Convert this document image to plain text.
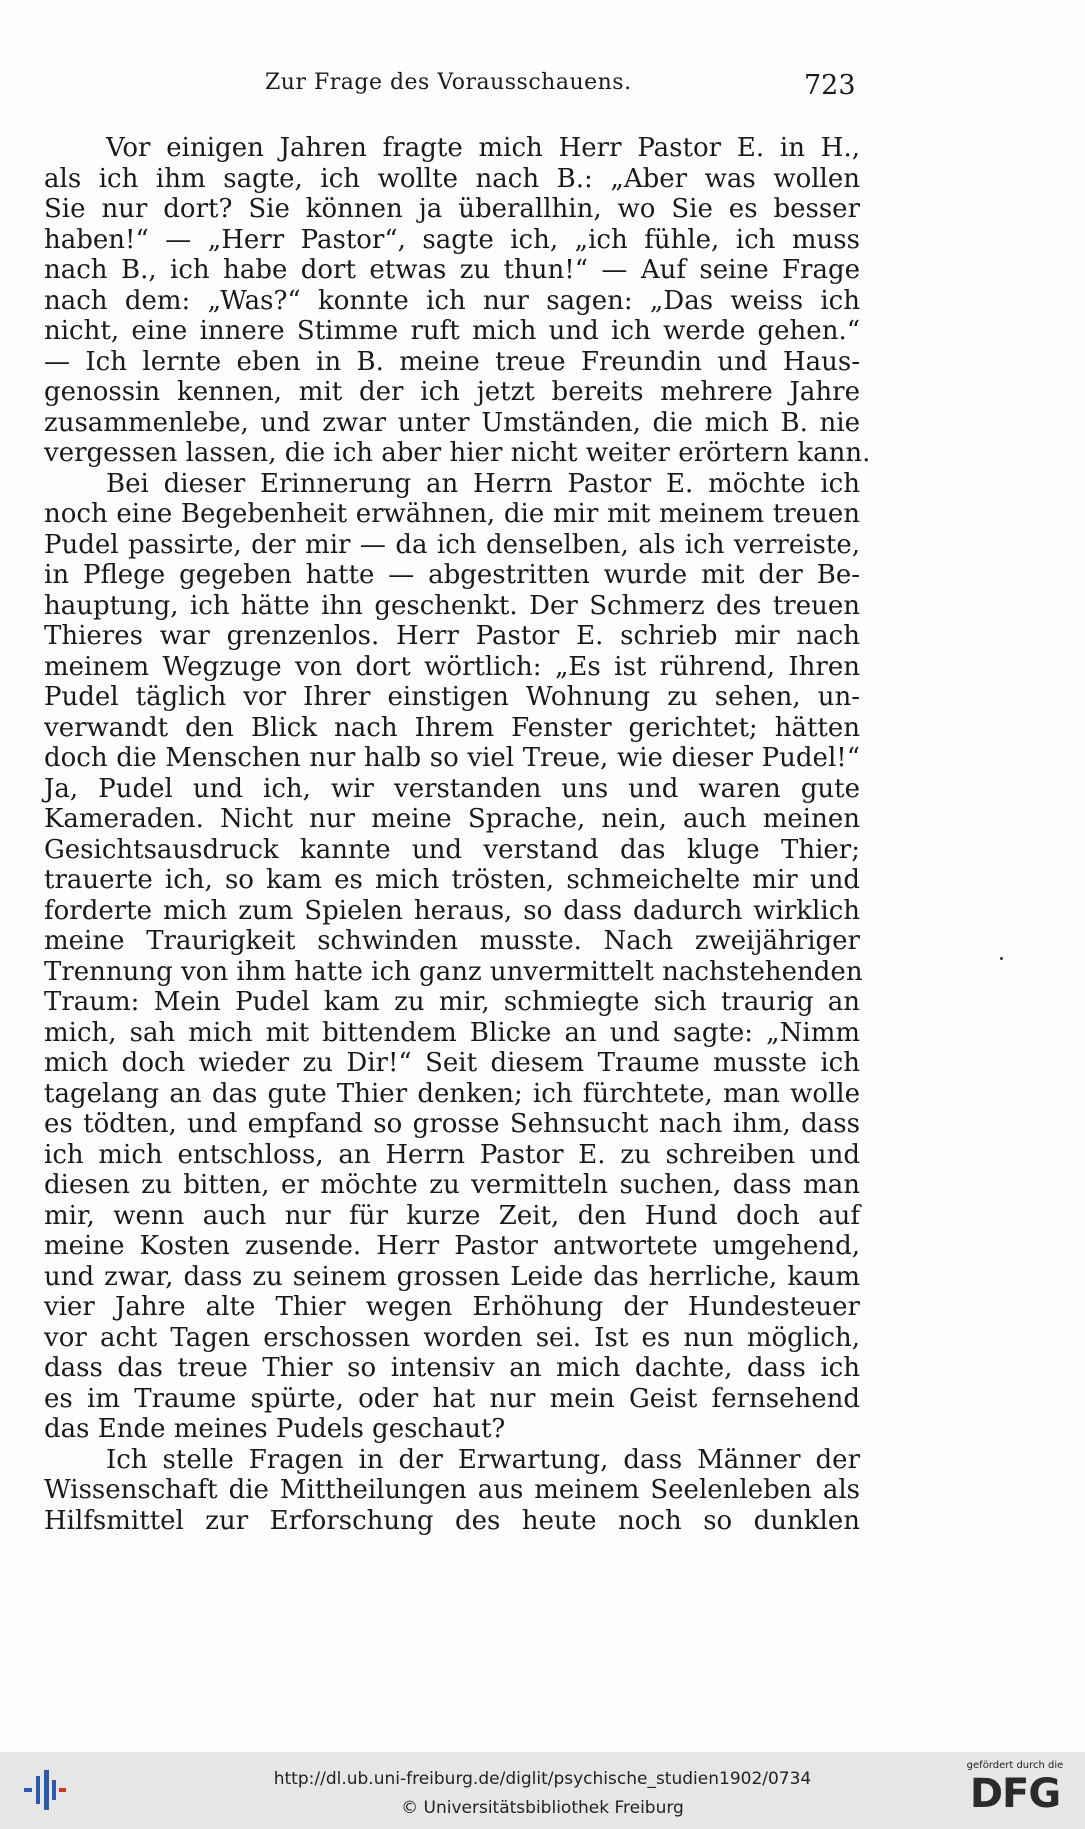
Zur Frage des Vorausschauens.	723
Vor einigen Jahren fragte mich Herr Pastor E. in H.,
als ich ihm sagte, ich wollte nach B.: „Aber was wollen
Sie nur dort? Sie können ja überallhin, wo Sie es besser
haben!“ — „Herr Pastor“, sagte ich, „ich fühle, ich muss
nach B., ich habe dort etwas zu thun!“ — Auf seine Frage
nach dem: „Was?“ konnte ich nur sagen: „Das weiss ich
nicht, eine innere Stimme ruft mich und ich werde gehen.“
— Ich lernte eben in B. meine treue Freundin und Haus-
genossin kennen, mit der ich jetzt bereits mehrere Jahre
zusammenlebe, und zwar unter Umständen, die mich B. nie
vergessen lassen, die ich aber hier nicht weiter erörtern kann.
Bei dieser Erinnerung an Herrn Pastor E. möchte ich
noch eine Begebenheit erwähnen, die mir mit meinem treuen
Pudel passirte, der mir — da ich denselben, als ich verreiste,
in Pflege gegeben hatte — abgestritten wurde mit der Be-
hauptung, ich hätte ihn geschenkt. Der Schmerz des treuen
Thieres war grenzenlos. Herr Pastor E. schrieb mir nach
meinem Wegzuge von dort wörtlich: „Es ist rührend, Ihren
Pudel täglich vor Ihrer einstigen Wohnung zu sehen, un-
verwandt den Blick nach Ihrem Fenster gerichtet; hätten
doch die Menschen nur halb so viel Treue, wie dieser Pudel!“
Ja, Pudel und ich, wir verstanden uns und waren gute
Kameraden. Nicht nur meine Sprache, nein, auch meinen
Gesichtsausdruck kannte und verstand das kluge Thier;
trauerte ich, so kam es mich trösten, schmeichelte mir und
forderte mich zum Spielen heraus, so dass dadurch wirklich
meine Traurigkeit schwinden musste. Nach zweijähriger
Trennung von ihm hatte ich ganz unvermittelt nachstehenden
Traum: Mein Pudel kam zu mir, schmiegte sich traurig an
mich, sah mich mit bittendem Blicke an und sagte: „Nimm
mich doch wieder zu Dir!“ Seit diesem Traume musste ich
tagelang an das gute Thier denken; ich fürchtete, man wolle
es tödten, und empfand so grosse Sehnsucht nach ihm, dass
ich mich entschloss, an Herrn Pastor E. zu schreiben und
diesen zu bitten, er möchte zu vermitteln suchen, dass man
mir, wenn auch nur für kurze Zeit, den Hund doch auf
meine Kosten zusende. Herr Pastor antwortete umgehend,
und zwar, dass zu seinem grossen Leide das herrliche, kaum
vier Jahre alte Thier wegen Erhöhung der Hundesteuer
vor acht Tagen erschossen worden sei. Ist es nun möglich,
dass das treue Thier so intensiv an mich dachte, dass ich
es im Traume spürte, oder hat nur mein Geist fernsehend
das Ende meines Pudels geschaut?
Ich stelle Fragen in der Erwartung, dass Männer der
Wissenschaft die Mittheilungen aus meinem Seelenleben als
Hilfsmittel zur Erforschung des heute noch so dunklen
http://dl.ub.uni-freiburg.de/diglit/psychische_studien1902/0734
© Universitätsbibliothek Freiburg
gefördert durch die
DFG
